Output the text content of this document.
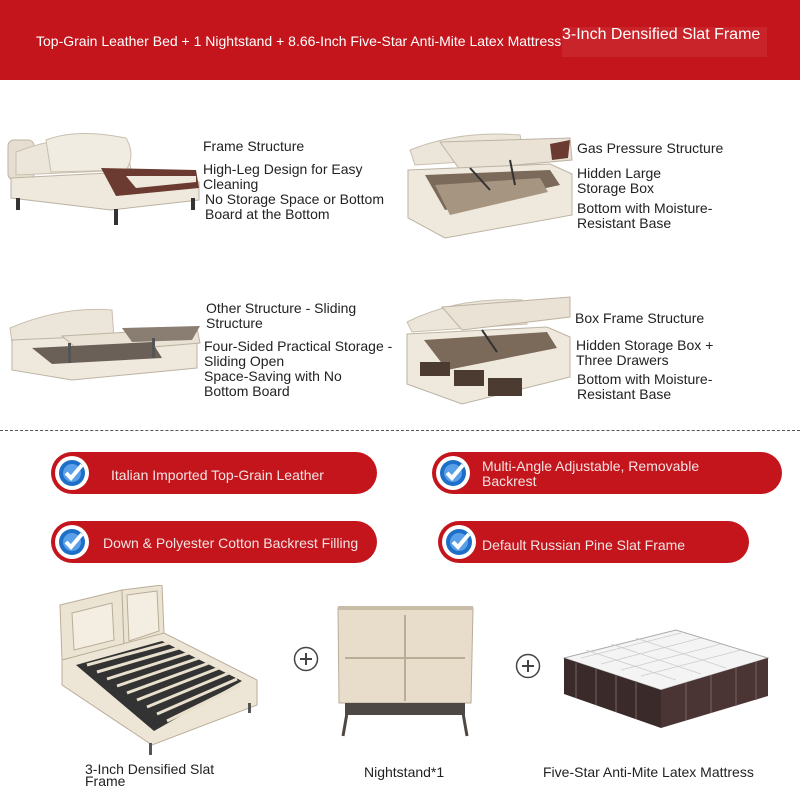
Top-Grain Leather Bed + 1 Nightstand + 8.66-Inch Five-Star Anti-Mite Latex Mattress 3-Inch Densified Slat Frame
Frame Structure
High-Leg Design for Easy Cleaning
No Storage Space or Bottom Board at the Bottom
Gas Pressure Structure
Hidden Large Storage Box
Bottom with Moisture-Resistant Base
Other Structure - Sliding Structure
Four-Sided Practical Storage - Sliding Open
Space-Saving with No Bottom Board
Box Frame Structure
Hidden Storage Box + Three Drawers
Bottom with Moisture-Resistant Base
Italian Imported Top-Grain Leather
Multi-Angle Adjustable, Removable Backrest
Down & Polyester Cotton Backrest Filling	Default Russian Pine Slat Frame
3-Inch Densified Slat Frame
Nightstand*1	Five-Star Anti-Mite Latex Mattress
